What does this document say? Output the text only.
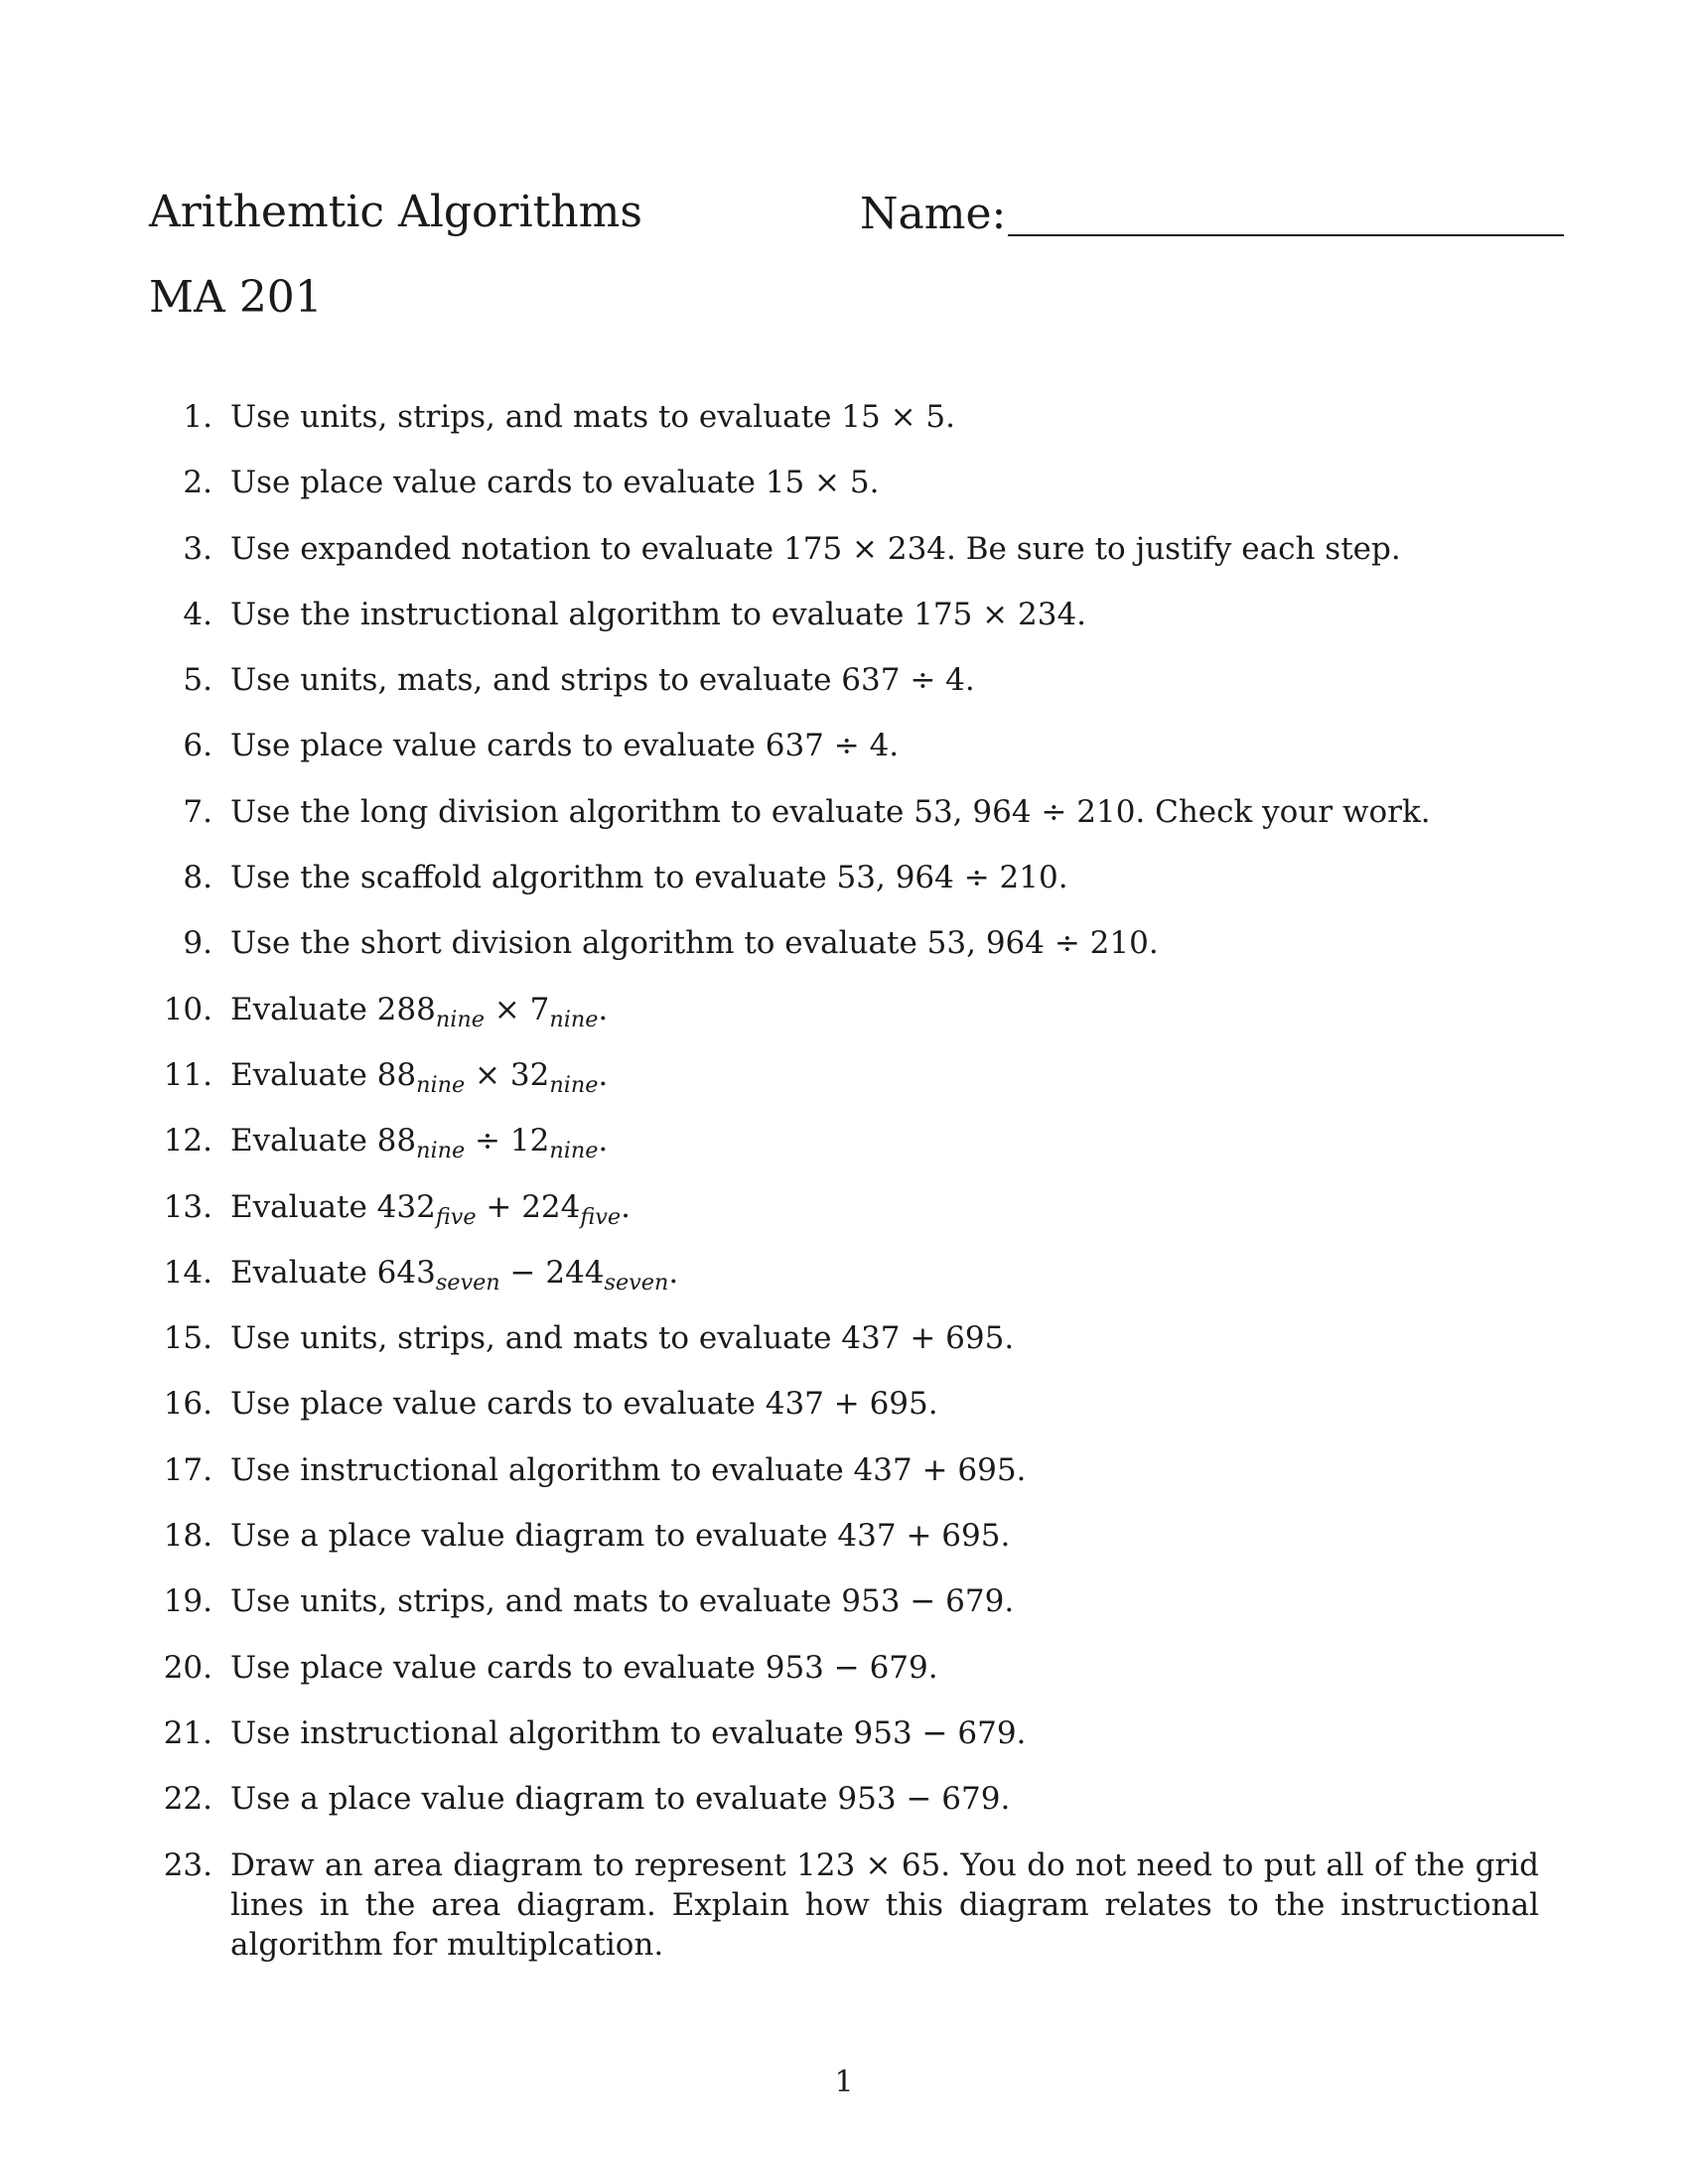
Arithemtic Algorithms
MA 201
Name:
1. Use units, strips, and mats to evaluate 15 × 5.
2. Use place value cards to evaluate 15 × 5.
3. Use expanded notation to evaluate 175 × 234. Be sure to justify each step.
4. Use the instructional algorithm to evaluate 175 × 234.
5. Use units, mats, and strips to evaluate 637 ÷ 4.
6. Use place value cards to evaluate 637 ÷ 4.
7. Use the long division algorithm to evaluate 53, 964 ÷ 210. Check your work.
8. Use the scaffold algorithm to evaluate 53, 964 ÷ 210.
9. Use the short division algorithm to evaluate 53, 964 ÷ 210.
10. Evaluate $288_{nine} \times 7_{nine}$.
11. Evaluate $88_{nine} \times 32_{nine}$.
12. Evaluate $88_{nine} \div 12_{nine}$.
13. Evaluate $432_{five} + 224_{five}$.
14. Evaluate $643_{seven} - 244_{seven}$.
15. Use units, strips, and mats to evaluate 437 + 695.
16. Use place value cards to evaluate 437 + 695.
17. Use instructional algorithm to evaluate 437 + 695.
18. Use a place value diagram to evaluate 437 + 695.
19. Use units, strips, and mats to evaluate 953 − 679.
20. Use place value cards to evaluate 953 − 679.
21. Use instructional algorithm to evaluate 953 − 679.
22. Use a place value diagram to evaluate 953 − 679.
23. Draw an area diagram to represent 123 × 65. You do not need to put all of the grid lines in the area diagram. Explain how this diagram relates to the instructional algorithm for multiplcation.
1
